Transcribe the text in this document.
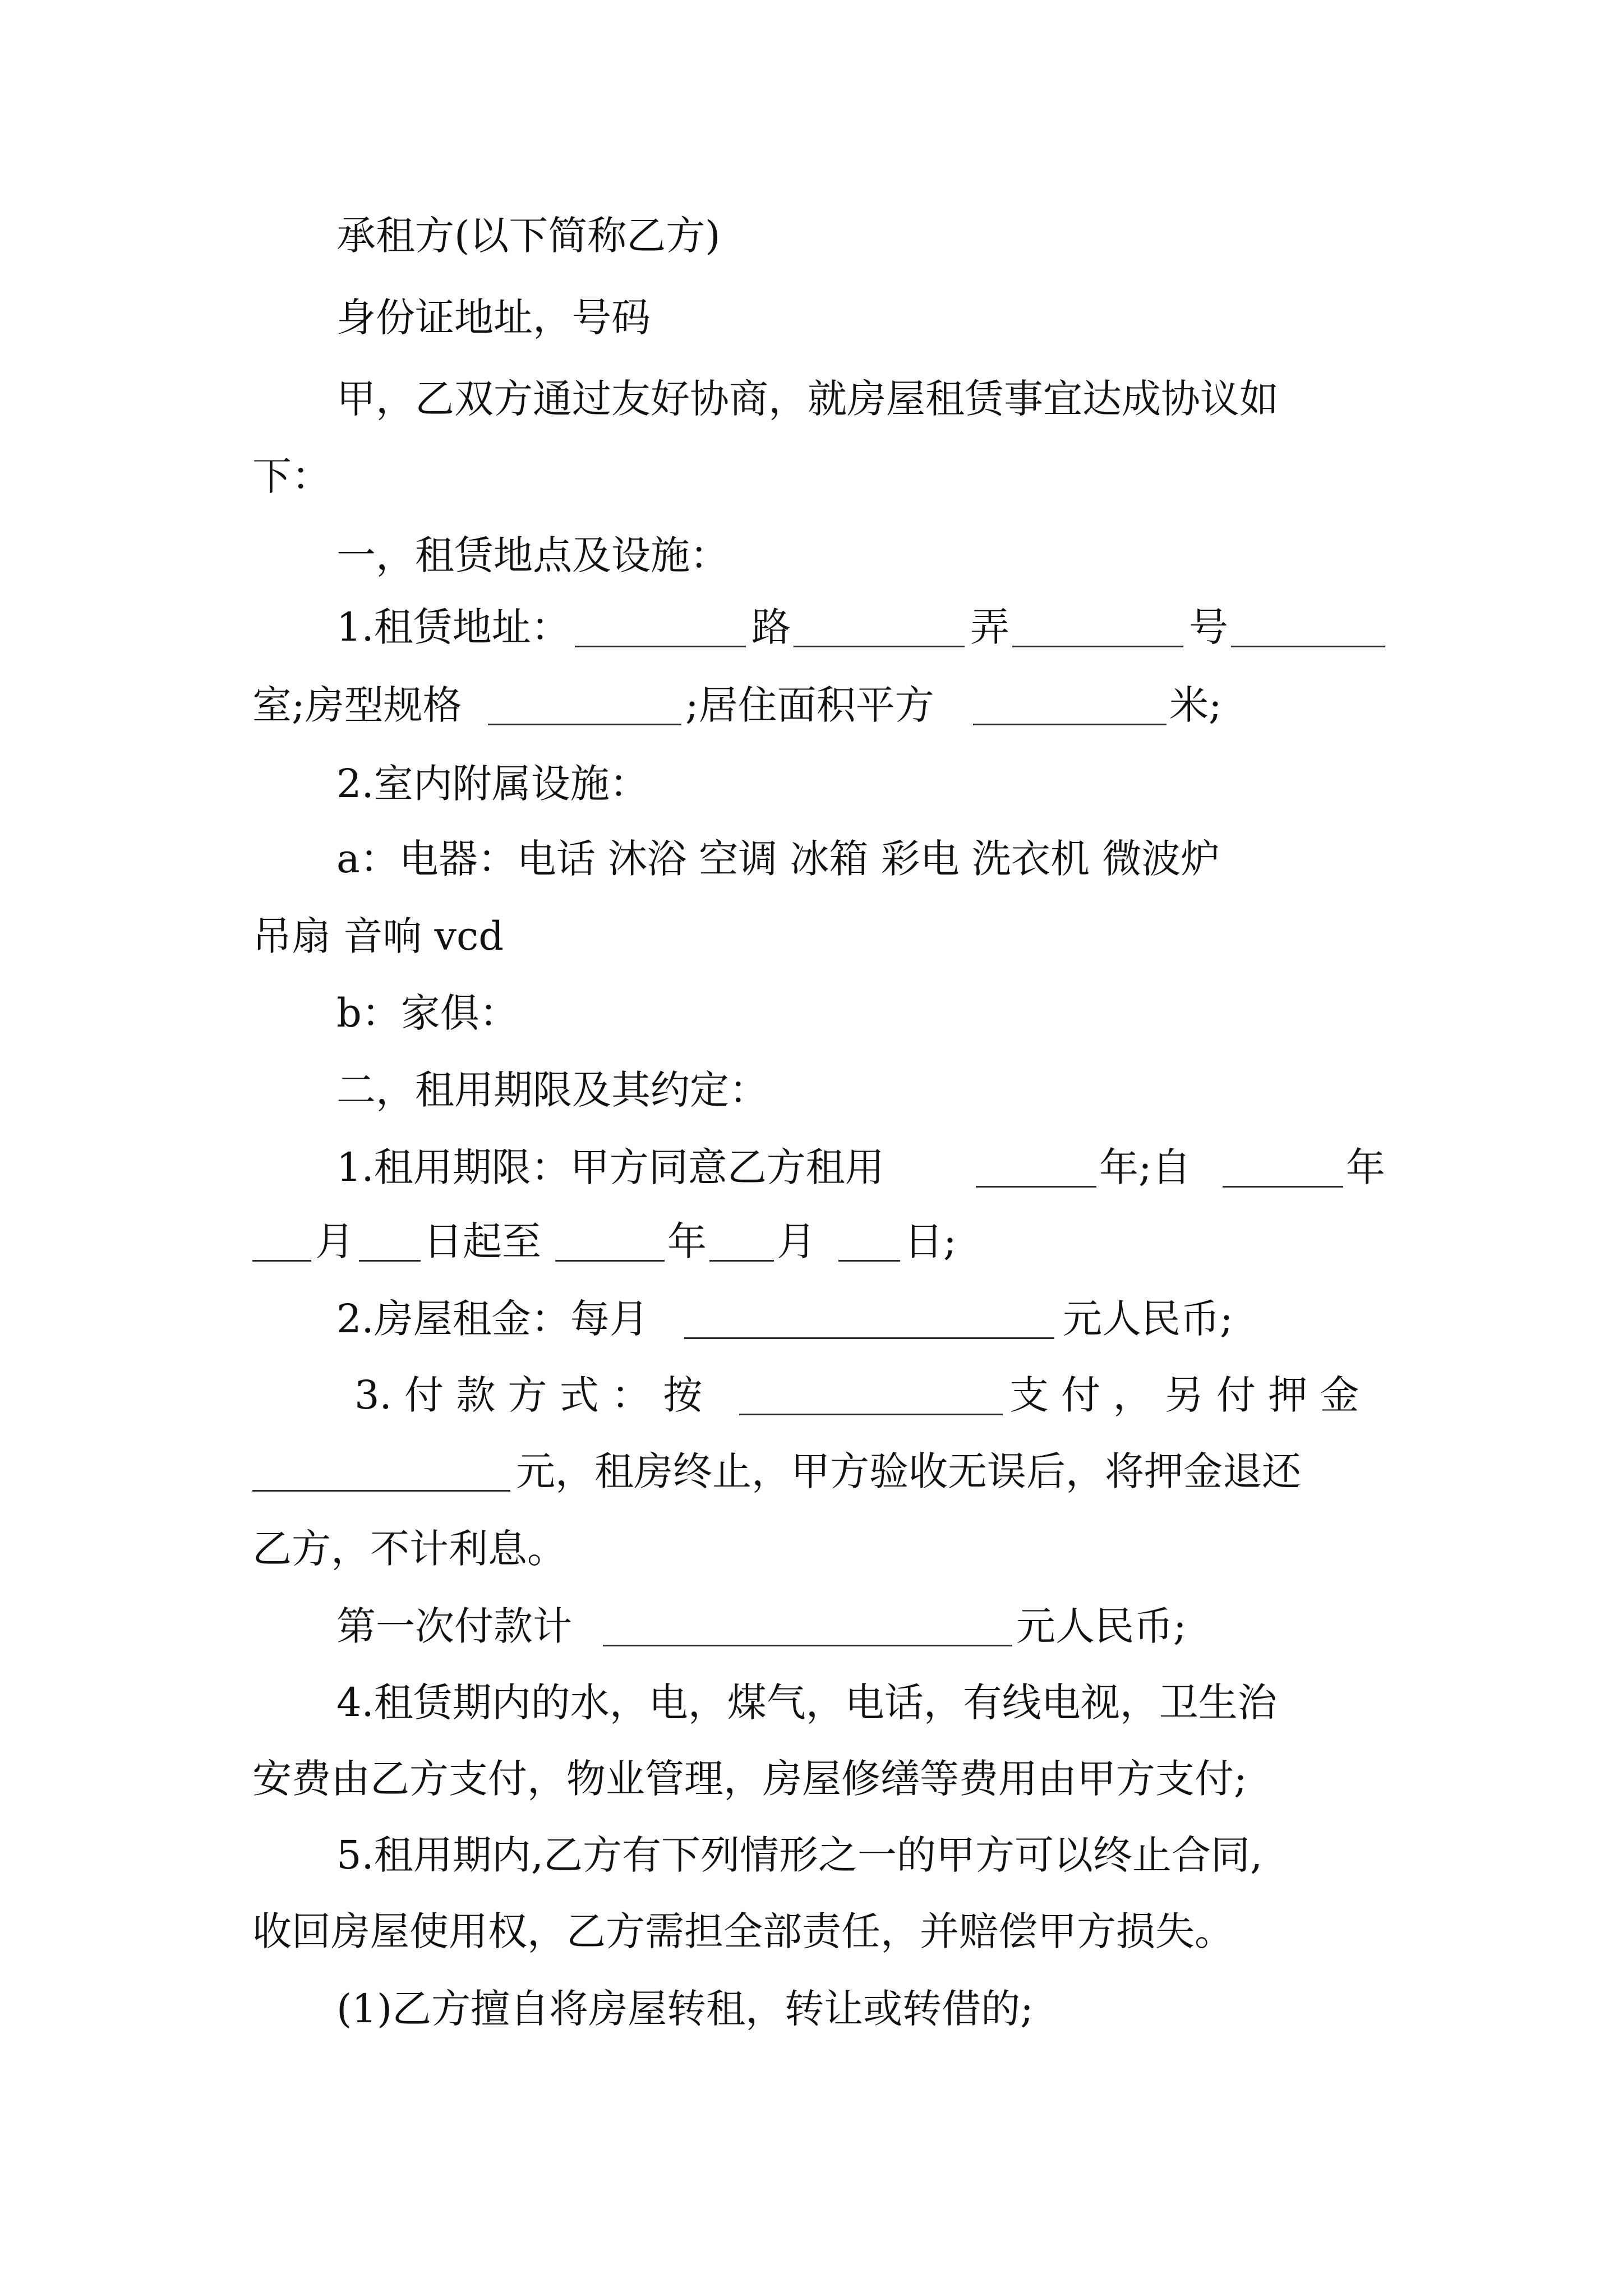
承租方(以下简称乙方)
身份证地址，号码
甲，乙双方通过友好协商，就房屋租赁事宜达成协议如
下：
一，租赁地点及设施：
1.租赁地址：	路	弄	号
室;房型规格	;居住面积平方	米;
2.室内附属设施：
a：电器：电话 沐浴 空调 冰箱 彩电 洗衣机 微波炉
吊扇 音响 vcd
b：家俱：
二，租用期限及其约定：
1.租用期限：甲方同意乙方租用	年;自	年
月 日起至	年 月 日;
2.房屋租金：每月	元人民币;
3. 付 款 方 式 ： 按	支 付 ， 另 付 押 金
元，租房终止，甲方验收无误后，将押金退还
乙方，不计利息。
第一次付款计	元人民币;
4.租赁期内的水，电，煤气，电话，有线电视，卫生治
安费由乙方支付，物业管理，房屋修缮等费用由甲方支付;
5.租用期内,乙方有下列情形之一的甲方可以终止合同,
收回房屋使用权，乙方需担全部责任，并赔偿甲方损失。
(1)乙方擅自将房屋转租，转让或转借的;
